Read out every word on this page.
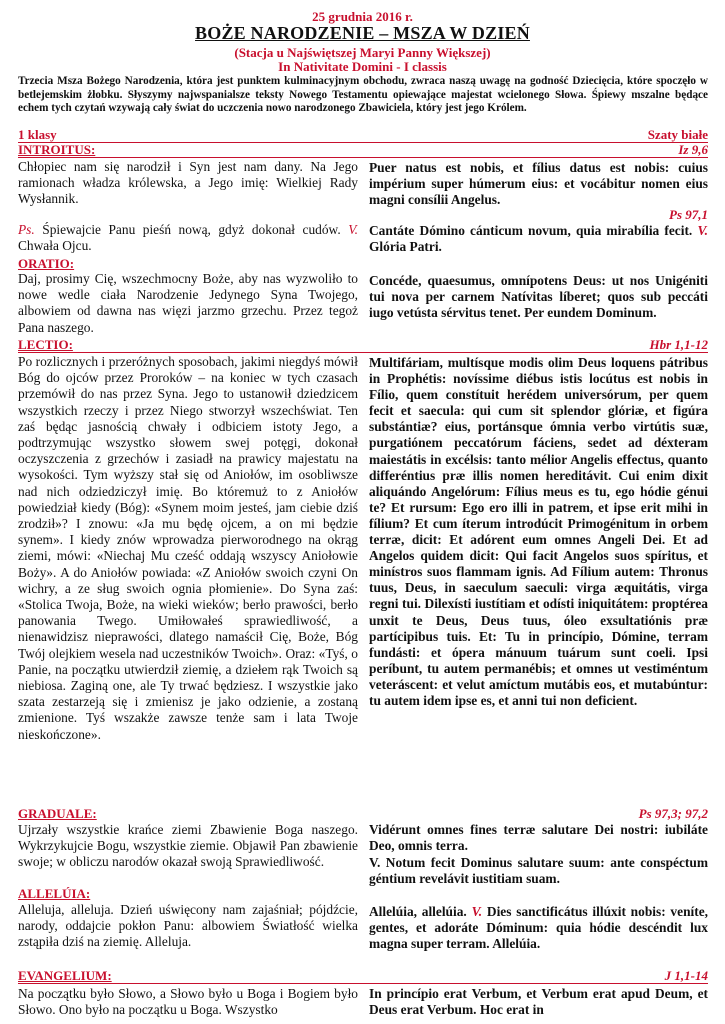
25 grudnia 2016 r.
BOŻE NARODZENIE – MSZA W DZIEŃ
(Stacja u Najświętszej Maryi Panny Większej)
In Nativitate Domini - I classis
Trzecia Msza Bożego Narodzenia, która jest punktem kulminacyjnym obchodu, zwraca naszą uwagę na godność Dziecięcia, które spoczęło w betlejemskim żłobku. Słyszymy najwspanialsze teksty Nowego Testamentu opiewające majestat wcielonego Słowa. Śpiewy mszalne będące echem tych czytań wzywają cały świat do uczczenia nowo narodzonego Zbawiciela, który jest jego Królem.
1 klasy	Szaty białe
INTROITUS:	Iz 9,6
Chłopiec nam się narodził i Syn jest nam dany. Na Jego ramionach władza królewska, a Jego imię: Wielkiej Rady Wysłannik.
Puer natus est nobis, et fílius datus est nobis: cuius impérium super húmerum eius: et vocábitur nomen eius magni consílii Angelus.
Ps 97,1
Ps. Śpiewajcie Panu pieśń nową, gdyż dokonał cudów. V. Chwała Ojcu.
Cantáte Dómino cánticum novum, quia mirabília fecit. V. Glória Patri.
ORATIO:
Daj, prosimy Cię, wszechmocny Boże, aby nas wyzwoliło to nowe wedle ciała Narodzenie Jedynego Syna Twojego, albowiem od dawna nas więzi jarzmo grzechu. Przez tegoż Pana naszego.
Concéde, quaesumus, omnípotens Deus: ut nos Unigéniti tui nova per carnem Natívitas líberet; quos sub peccáti iugo vetústa sérvitus tenet. Per eundem Dominum.
LECTIO:	Hbr 1,1-12
Po rozlicznych i przeróżnych sposobach, jakimi niegdyś mówił Bóg do ojców przez Proroków – na koniec w tych czasach przemówił do nas przez Syna. Jego to ustanowił dziedzicem wszystkich rzeczy i przez Niego stworzył wszechświat. Ten zaś będąc jasnością chwały i odbiciem istoty Jego, a podtrzymując wszystko słowem swej potęgi, dokonał oczyszczenia z grzechów i zasiadł na prawicy majestatu na wysokości. Tym wyższy stał się od Aniołów, im osobliwsze nad nich odziedziczył imię. Bo któremuż to z Aniołów powiedział kiedy (Bóg): «Synem moim jesteś, jam ciebie dziś zrodził»? I znowu: «Ja mu będę ojcem, a on mi będzie synem». I kiedy znów wprowadza pierworodnego na okrąg ziemi, mówi: «Niechaj Mu cześć oddają wszyscy Aniołowie Boży». A do Aniołów powiada: «Z Aniołów swoich czyni On wichry, a ze sług swoich ognia płomienie». Do Syna zaś: «Stolica Twoja, Boże, na wieki wieków; berło prawości, berło panowania Twego. Umiłowałeś sprawiedliwość, a nienawidzisz nieprawości, dlatego namaścił Cię, Boże, Bóg Twój olejkiem wesela nad uczestników Twoich». Oraz: «Tyś, o Panie, na początku utwierdził ziemię, a dziełem rąk Twoich są niebiosa. Zaginą one, ale Ty trwać będziesz. I wszystkie jako szata zestarzeją się i zmienisz je jako odzienie, a zostaną zmienione. Tyś wszakże zawsze tenże sam i lata Twoje nieskończone».
Multifáriam, multísque modis olim Deus loquens pátribus in Prophétis: novíssime diébus istis locútus est nobis in Fílio, quem constítuit herédem universórum, per quem fecit et saecula: qui cum sit splendor glóriæ, et figúra substántiæ? eius, portánsque ómnia verbo virtútis suæ, purgatiónem peccatórum fáciens, sedet ad déxteram maiestátis in excélsis: tanto mélior Angelis effectus, quanto differéntius præ illis nomen hereditávit. Cui enim dixit aliquándo Angelórum: Fílius meus es tu, ego hódie génui te? Et rursum: Ego ero illi in patrem, et ipse erit mihi in fílium? Et cum íterum introdúcit Primogénitum in orbem terræ, dicit: Et adórent eum omnes Angeli Dei. Et ad Angelos quidem dicit: Qui facit Angelos suos spíritus, et minístros suos flammam ignis. Ad Fílium autem: Thronus tuus, Deus, in saeculum saeculi: virga æquitátis, virga regni tui. Dilexísti iustítiam et odísti iniquitátem: proptérea unxit te Deus, Deus tuus, óleo exsultatiónis præ partícipibus tuis. Et: Tu in princípio, Dómine, terram fundásti: et ópera mánuum tuárum sunt coeli. Ipsi períbunt, tu autem permanébis; et omnes ut vestiméntum veteráscent: et velut amíctum mutábis eos, et mutabúntur: tu autem idem ipse es, et anni tui non deficient.
GRADUALE:	Ps 97,3; 97,2
Ujrzały wszystkie krańce ziemi Zbawienie Boga naszego. Wykrzykujcie Bogu, wszystkie ziemie. Objawił Pan zbawienie swoje; w obliczu narodów okazał swoją Sprawiedliwość.
Vidérunt omnes fines terræ salutare Dei nostri: iubiláte Deo, omnis terra.
V. Notum fecit Dominus salutare suum: ante conspéctum géntium revelávit iustitiam suam.
ALLELÚIA:
Alleluja, alleluja. Dzień uświęcony nam zajaśniał; pójdźcie, narody, oddajcie pokłon Panu: albowiem Światłość wielka zstąpiła dziś na ziemię. Alleluja.
Allelúia, allelúia. V. Dies sanctificátus illúxit nobis: veníte, gentes, et adoráte Dóminum: quia hódie descéndit lux magna super terram. Allelúia.
EVANGELIUM:	J 1,1-14
Na początku było Słowo, a Słowo było u Boga i Bogiem było Słowo. Ono było na początku u Boga. Wszystko
In princípio erat Verbum, et Verbum erat apud Deum, et Deus erat Verbum. Hoc erat in
